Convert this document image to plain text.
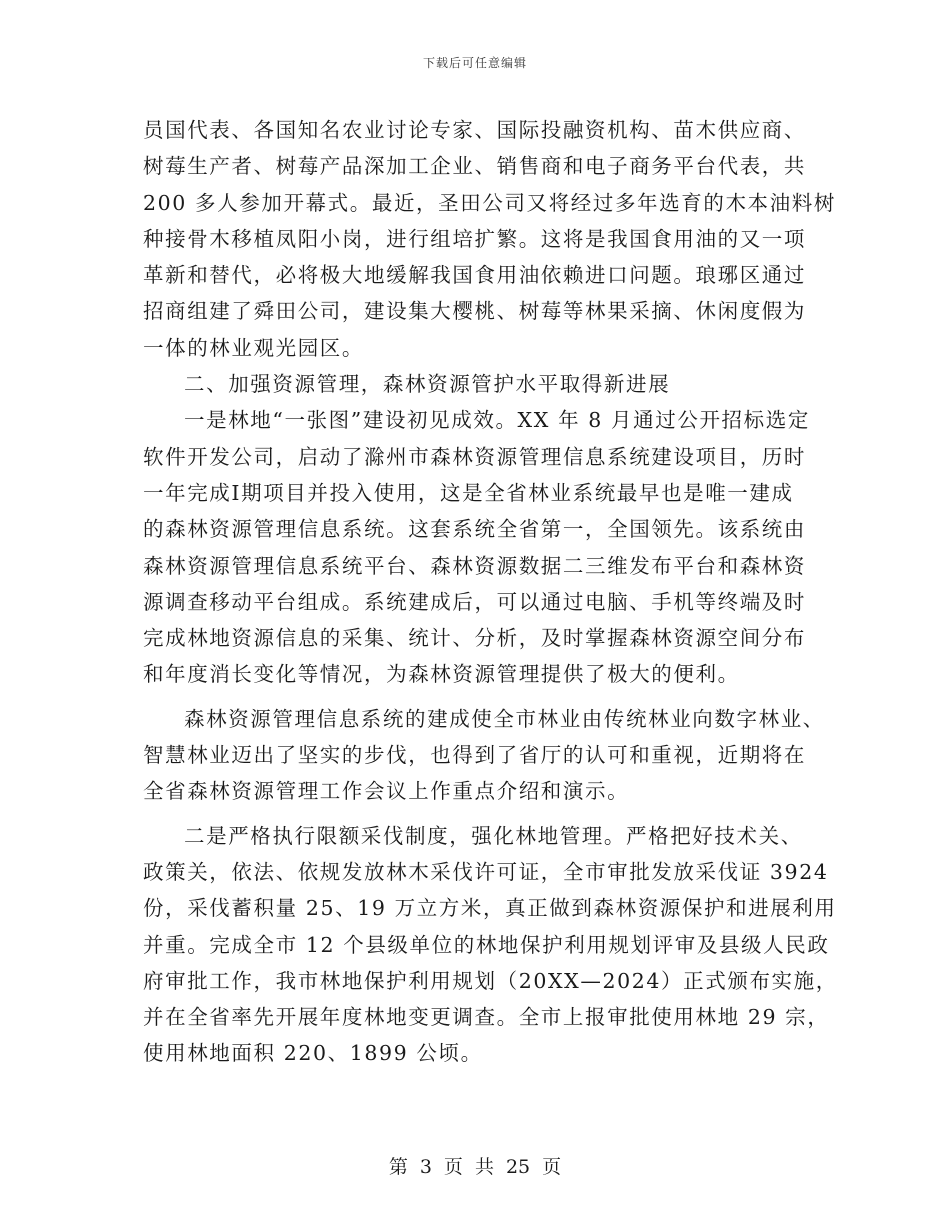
下载后可任意编辑
员国代表、各国知名农业讨论专家、国际投融资机构、苗木供应商、
树莓生产者、树莓产品深加工企业、销售商和电子商务平台代表，共
200 多人参加开幕式。最近，圣田公司又将经过多年选育的木本油料树
种接骨木移植凤阳小岗，进行组培扩繁。这将是我国食用油的又一项
革新和替代，必将极大地缓解我国食用油依赖进口问题。琅琊区通过
招商组建了舜田公司，建设集大樱桃、树莓等林果采摘、休闲度假为
一体的林业观光园区。
二、加强资源管理，森林资源管护水平取得新进展
一是林地“一张图”建设初见成效。XX 年 8 月通过公开招标选定
软件开发公司，启动了滁州市森林资源管理信息系统建设项目，历时
一年完成Ⅰ期项目并投入使用，这是全省林业系统最早也是唯一建成
的森林资源管理信息系统。这套系统全省第一，全国领先。该系统由
森林资源管理信息系统平台、森林资源数据二三维发布平台和森林资
源调查移动平台组成。系统建成后，可以通过电脑、手机等终端及时
完成林地资源信息的采集、统计、分析，及时掌握森林资源空间分布
和年度消长变化等情况，为森林资源管理提供了极大的便利。
森林资源管理信息系统的建成使全市林业由传统林业向数字林业、
智慧林业迈出了坚实的步伐，也得到了省厅的认可和重视，近期将在
全省森林资源管理工作会议上作重点介绍和演示。
二是严格执行限额采伐制度，强化林地管理。严格把好技术关、
政策关，依法、依规发放林木采伐许可证，全市审批发放采伐证 3924
份，采伐蓄积量 25、19 万立方米，真正做到森林资源保护和进展利用
并重。完成全市 12 个县级单位的林地保护利用规划评审及县级人民政
府审批工作，我市林地保护利用规划（20XX—2024）正式颁布实施，
并在全省率先开展年度林地变更调查。全市上报审批使用林地 29 宗，
使用林地面积 220、1899 公顷。
第 3 页 共 25 页
